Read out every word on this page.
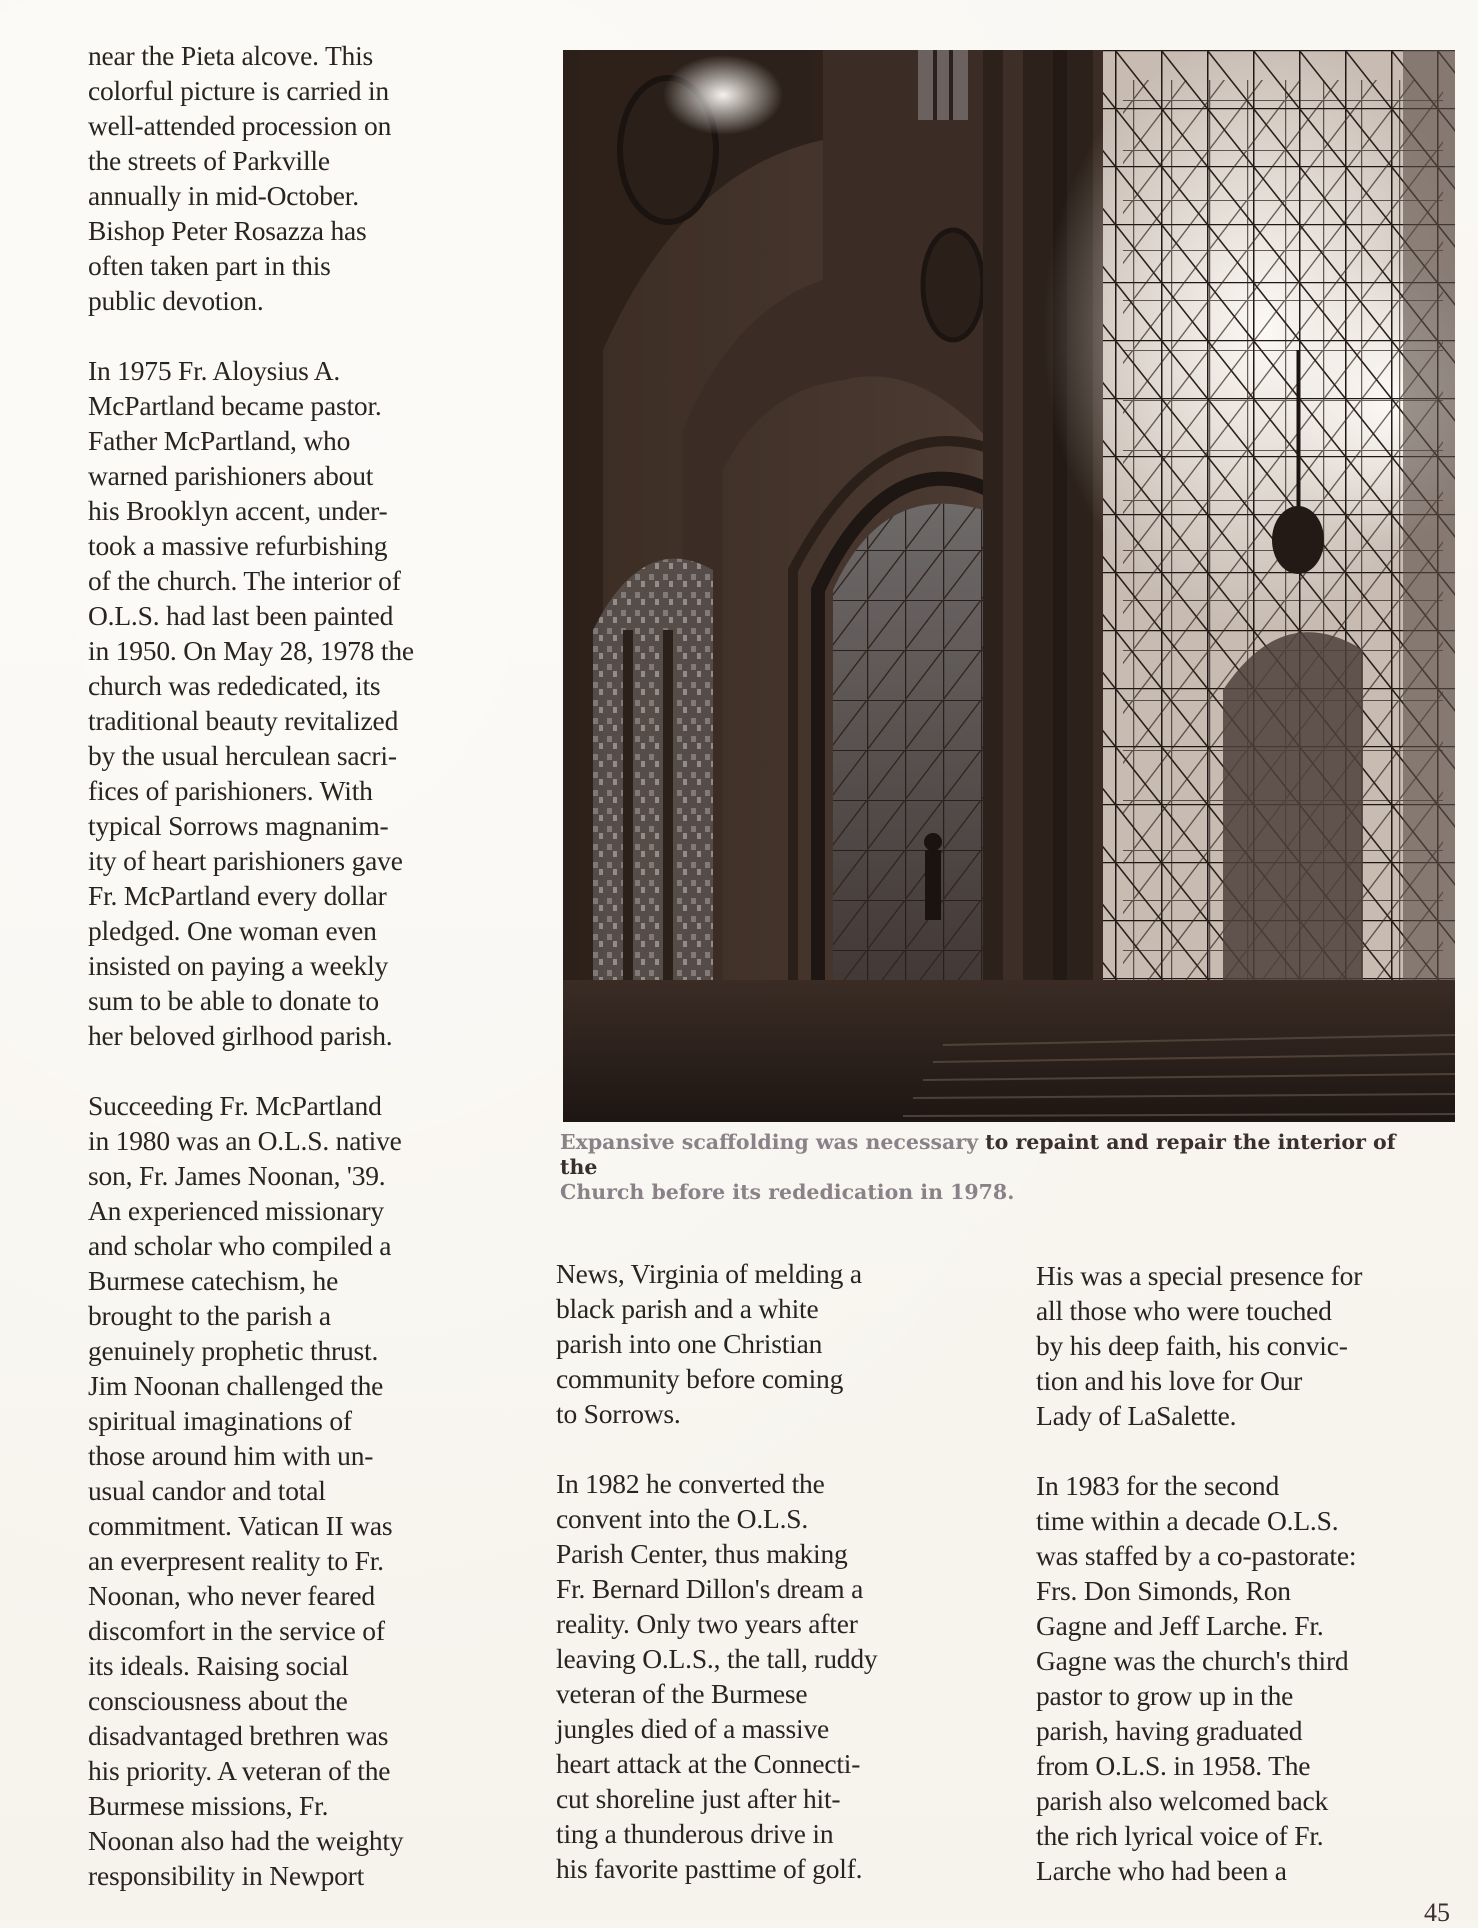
near the Pieta alcove. This
colorful picture is carried in
well-attended procession on
the streets of Parkville
annually in mid-October.
Bishop Peter Rosazza has
often taken part in this
public devotion.

In 1975 Fr. Aloysius A.
McPartland became pastor.
Father McPartland, who
warned parishioners about
his Brooklyn accent, under-
took a massive refurbishing
of the church. The interior of
O.L.S. had last been painted
in 1950. On May 28, 1978 the
church was rededicated, its
traditional beauty revitalized
by the usual herculean sacri-
fices of parishioners. With
typical Sorrows magnanim-
ity of heart parishioners gave
Fr. McPartland every dollar
pledged. One woman even
insisted on paying a weekly
sum to be able to donate to
her beloved girlhood parish.

Succeeding Fr. McPartland
in 1980 was an O.L.S. native
son, Fr. James Noonan, '39.
An experienced missionary
and scholar who compiled a
Burmese catechism, he
brought to the parish a
genuinely prophetic thrust.
Jim Noonan challenged the
spiritual imaginations of
those around him with un-
usual candor and total
commitment. Vatican II was
an everpresent reality to Fr.
Noonan, who never feared
discomfort in the service of
its ideals. Raising social
consciousness about the
disadvantaged brethren was
his priority. A veteran of the
Burmese missions, Fr.
Noonan also had the weighty
responsibility in Newport

Expansive scaffolding was necessary to repaint and repair the interior of the
Church before its rededication in 1978.

News, Virginia of melding a
black parish and a white
parish into one Christian
community before coming
to Sorrows.

In 1982 he converted the
convent into the O.L.S.
Parish Center, thus making
Fr. Bernard Dillon's dream a
reality. Only two years after
leaving O.L.S., the tall, ruddy
veteran of the Burmese
jungles died of a massive
heart attack at the Connecti-
cut shoreline just after hit-
ting a thunderous drive in
his favorite pasttime of golf.

His was a special presence for
all those who were touched
by his deep faith, his convic-
tion and his love for Our
Lady of LaSalette.

In 1983 for the second
time within a decade O.L.S.
was staffed by a co-pastorate:
Frs. Don Simonds, Ron
Gagne and Jeff Larche. Fr.
Gagne was the church's third
pastor to grow up in the
parish, having graduated
from O.L.S. in 1958. The
parish also welcomed back
the rich lyrical voice of Fr.
Larche who had been a

45
